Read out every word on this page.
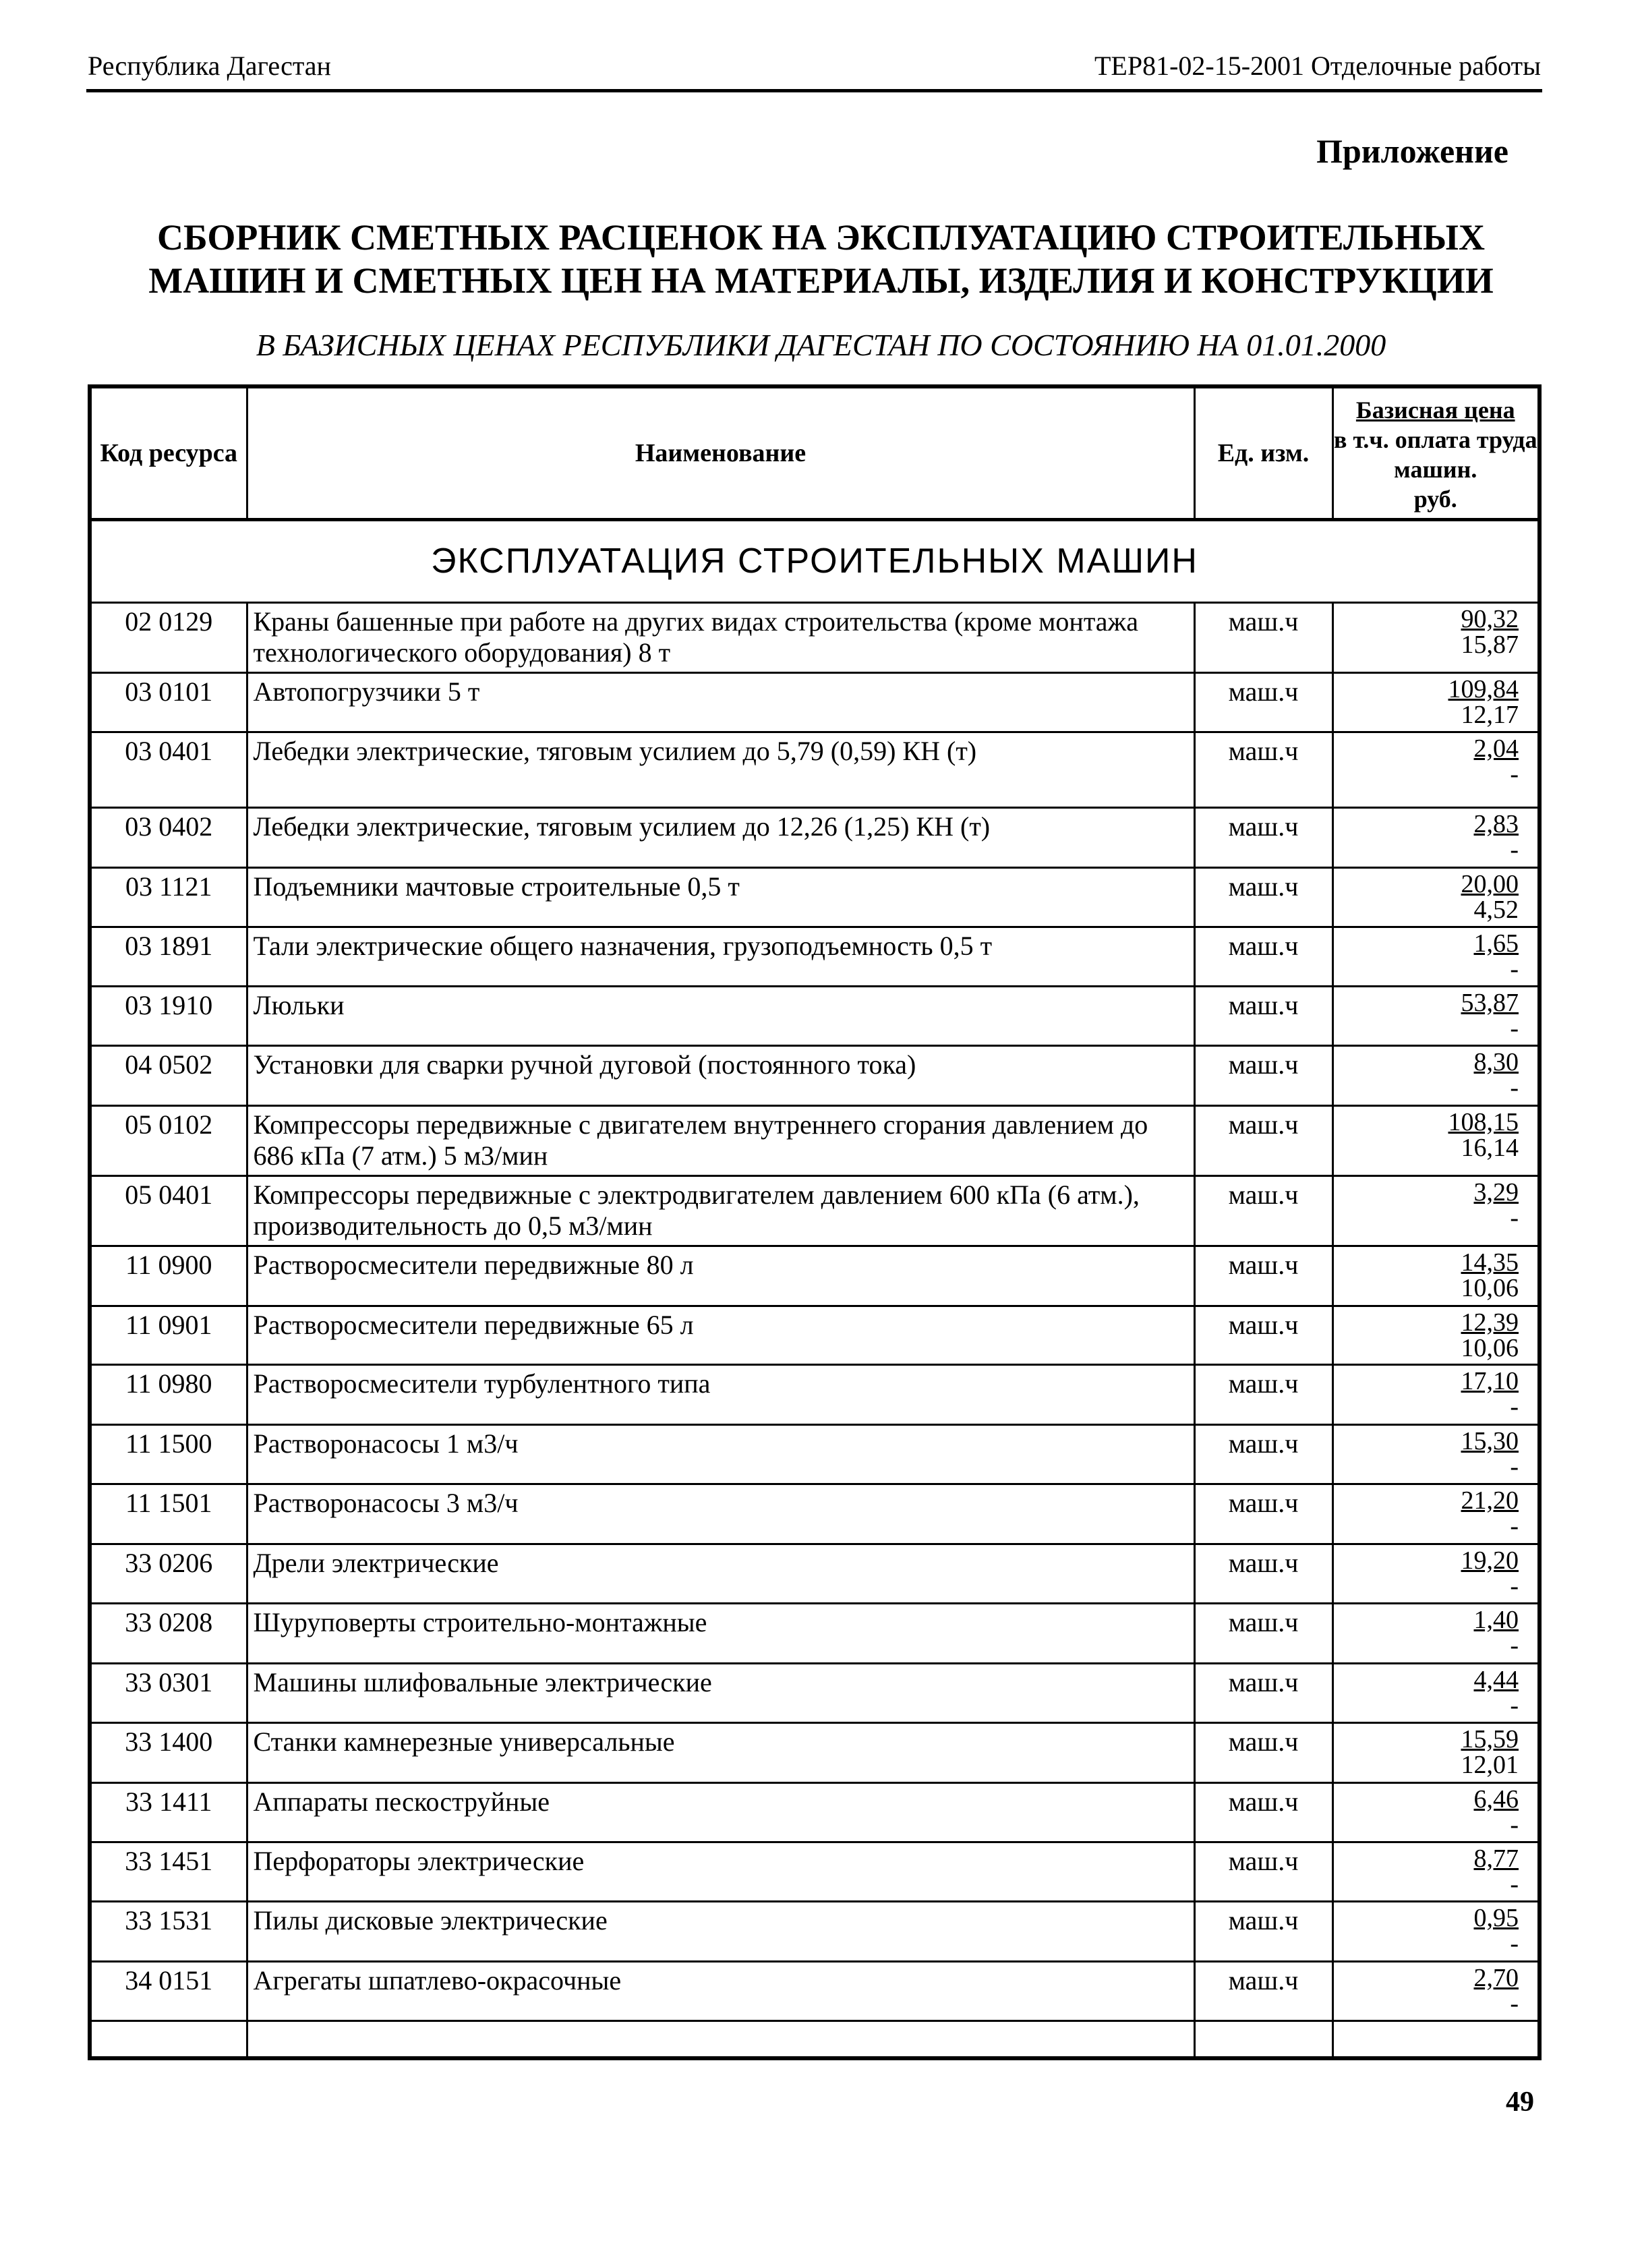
Республика Дагестан	ТЕР81-02-15-2001 Отделочные работы
Приложение
СБОРНИК СМЕТНЫХ РАСЦЕНОК НА ЭКСПЛУАТАЦИЮ СТРОИТЕЛЬНЫХ
МАШИН И СМЕТНЫХ ЦЕН НА МАТЕРИАЛЫ, ИЗДЕЛИЯ И КОНСТРУКЦИИ
В БАЗИСНЫХ ЦЕНАХ РЕСПУБЛИКИ ДАГЕСТАН ПО СОСТОЯНИЮ НА 01.01.2000
Код ресурса	Наименование	Ед. изм.	Базисная цена
в т.ч. оплата труда машин.
руб.

ЭКСПЛУАТАЦИЯ СТРОИТЕЛЬНЫХ МАШИН			
02 0129	Краны башенные при работе на других видах строительства (кроме монтажа технологического оборудования) 8 т	маш.ч	90,32
15,87

03 0101	Автопогрузчики 5 т	маш.ч	109,84
12,17

03 0401	Лебедки электрические, тяговым усилием до 5,79 (0,59) КН (т)	маш.ч	2,04
-

03 0402	Лебедки электрические, тяговым усилием до 12,26 (1,25) КН (т)	маш.ч	2,83
-

03 1121	Подъемники мачтовые строительные 0,5 т	маш.ч	20,00
4,52

03 1891	Тали электрические общего назначения, грузоподъемность 0,5 т	маш.ч	1,65
-

03 1910	Люльки	маш.ч	53,87
-

04 0502	Установки для сварки ручной дуговой (постоянного тока)	маш.ч	8,30
-

05 0102	Компрессоры передвижные с двигателем внутреннего сгорания давлением до 686 кПа (7 атм.) 5 м3/мин	маш.ч	108,15
16,14

05 0401	Компрессоры передвижные с электродвигателем давлением 600 кПа (6 атм.), производительность до 0,5 м3/мин	маш.ч	3,29
-

11 0900	Растворосмесители передвижные 80 л	маш.ч	14,35
10,06

11 0901	Растворосмесители передвижные 65 л	маш.ч	12,39
10,06

11 0980	Растворосмесители турбулентного типа	маш.ч	17,10
-

11 1500	Растворонасосы 1 м3/ч	маш.ч	15,30
-

11 1501	Растворонасосы 3 м3/ч	маш.ч	21,20
-

33 0206	Дрели электрические	маш.ч	19,20
-

33 0208	Шуруповерты строительно-монтажные	маш.ч	1,40
-

33 0301	Машины шлифовальные электрические	маш.ч	4,44
-

33 1400	Станки камнерезные универсальные	маш.ч	15,59
12,01

33 1411	Аппараты пескоструйные	маш.ч	6,46
-

33 1451	Перфораторы электрические	маш.ч	8,77
-

33 1531	Пилы дисковые электрические	маш.ч	0,95
-

34 0151	Агрегаты шпатлево-окрасочные	маш.ч	2,70
-

49
